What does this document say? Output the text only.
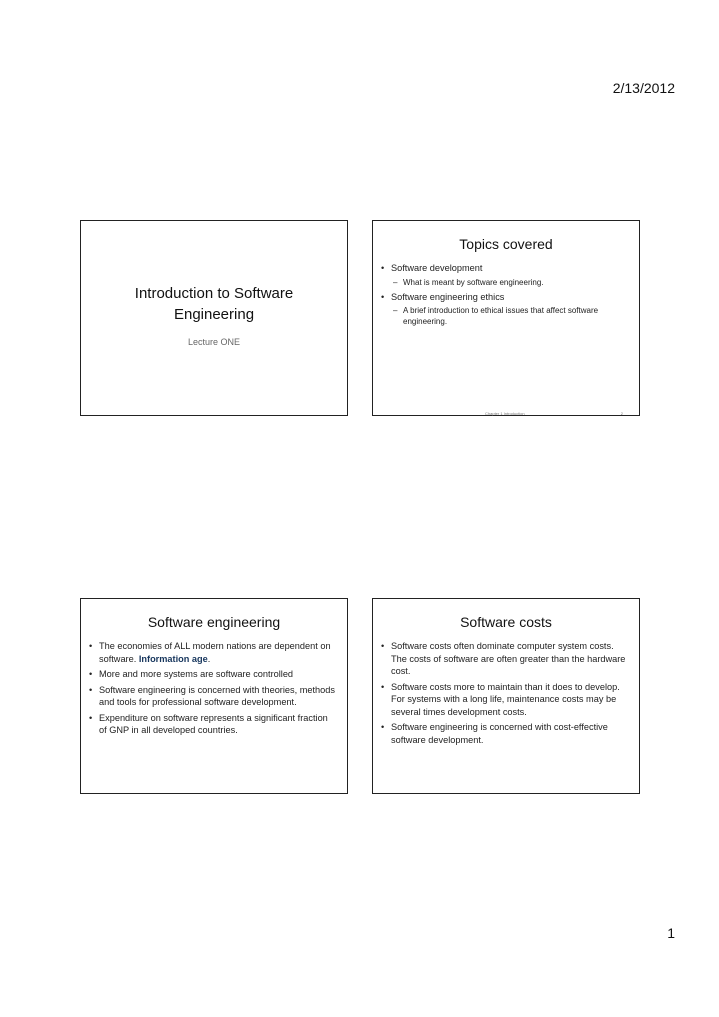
2/13/2012
Introduction to Software Engineering
Lecture ONE
Topics covered
• Software development
– What is meant by software engineering.
• Software engineering ethics
– A brief introduction to ethical issues that affect software engineering.
Chapter 1 Introduction	2
Software engineering
• The economies of ALL modern nations are dependent on software. Information age.
• More and more systems are software controlled
• Software engineering is concerned with theories, methods and tools for professional software development.
• Expenditure on software represents a significant fraction of GNP in all developed countries.
Software costs
• Software costs often dominate computer system costs. The costs of software are often greater than the hardware cost.
• Software costs more to maintain than it does to develop. For systems with a long life, maintenance costs may be several times development costs.
• Software engineering is concerned with cost-effective software development.
1
